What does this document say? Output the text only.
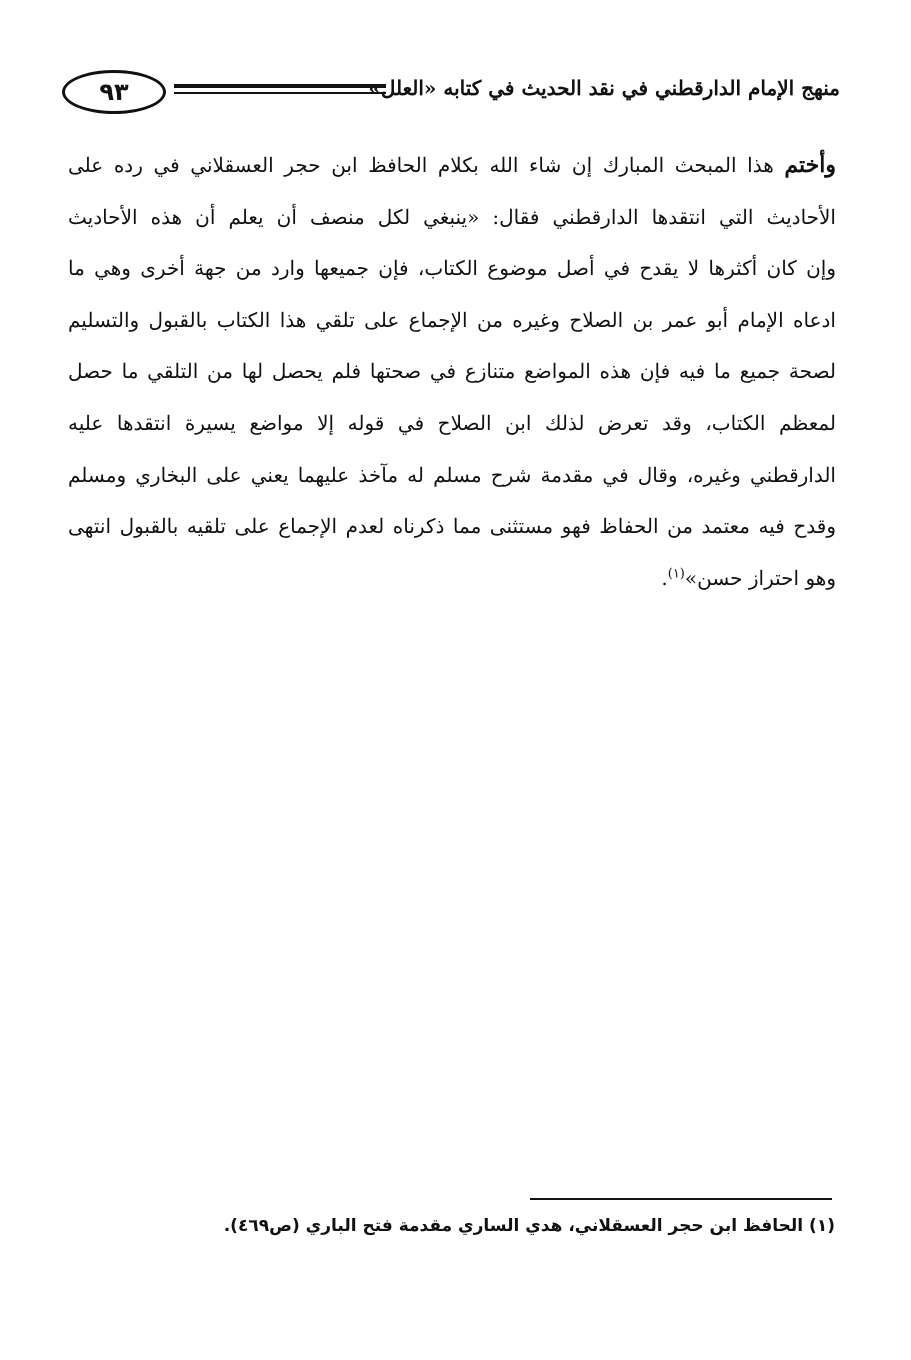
٩٣	منهج الإمام الدارقطني في نقد الحديث في كتابه «العلل»
وأختم هذا المبحث المبارك إن شاء الله بكلام الحافظ ابن حجر العسقلاني في رده على
الأحاديث التي انتقدها الدارقطني فقال: «ينبغي لكل منصف أن يعلم أن هذه الأحاديث
وإن كان أكثرها لا يقدح في أصل موضوع الكتاب، فإن جميعها وارد من جهة أخرى وهي ما
ادعاه الإمام أبو عمر بن الصلاح وغيره من الإجماع على تلقي هذا الكتاب بالقبول والتسليم
لصحة جميع ما فيه فإن هذه المواضع متنازع في صحتها فلم يحصل لها من التلقي ما حصل
لمعظم الكتاب، وقد تعرض لذلك ابن الصلاح في قوله إلا مواضع يسيرة انتقدها عليه
الدارقطني وغيره، وقال في مقدمة شرح مسلم له مآخذ عليهما يعني على البخاري ومسلم
وقدح فيه معتمد من الحفاظ فهو مستثنى مما ذكرناه لعدم الإجماع على تلقيه بالقبول انتهى
وهو احتراز حسن»$^{(١)}$.
(١) الحافظ ابن حجر العسقلاني، هدي الساري مقدمة فتح الباري (ص٤٦٩).
